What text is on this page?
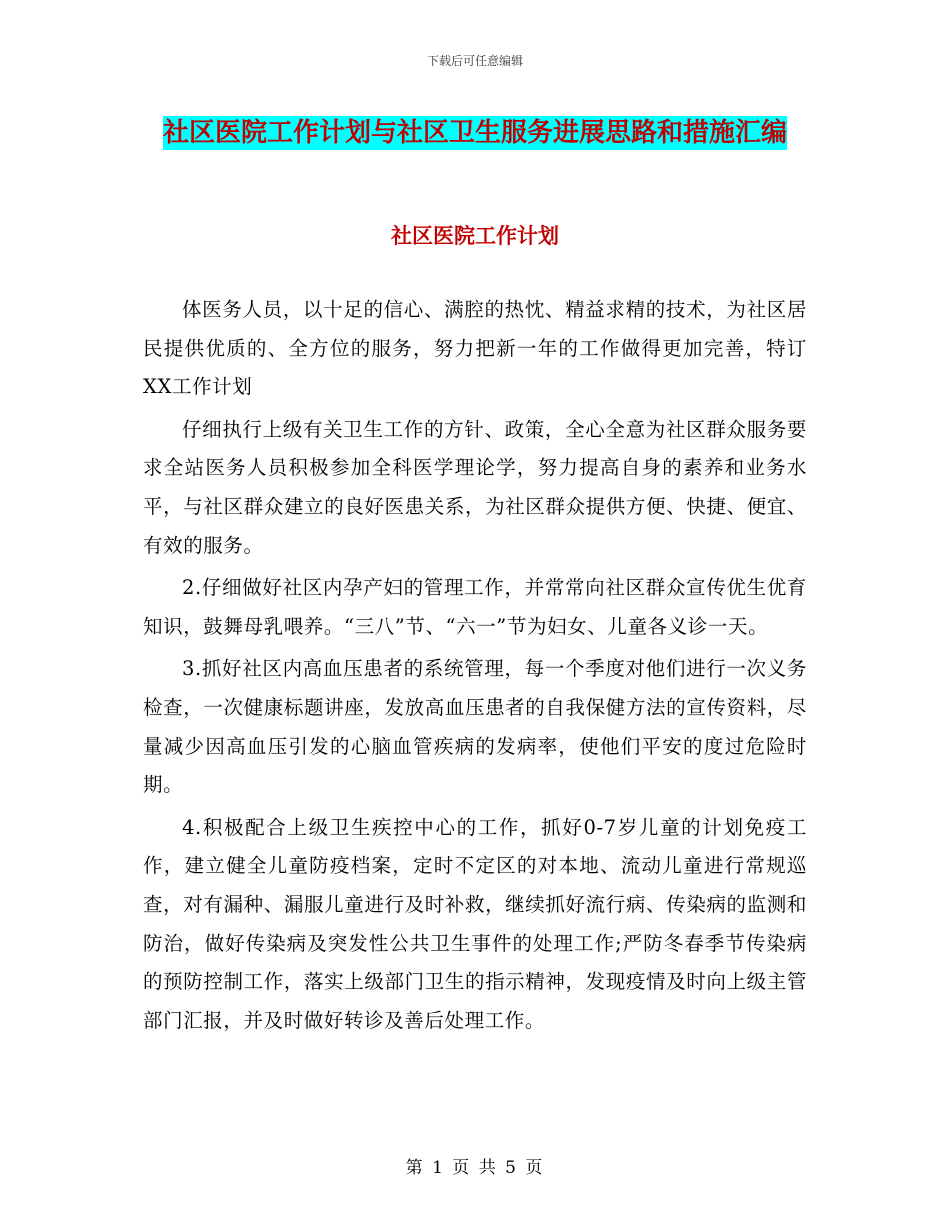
下载后可任意编辑
社区医院工作计划与社区卫生服务进展思路和措施汇编
社区医院工作计划

体医务人员，以十足的信心、满腔的热忱、精益求精的技术，为社区居民提供优质的、全方位的服务，努力把新一年的工作做得更加完善，特订XX工作计划

仔细执行上级有关卫生工作的方针、政策，全心全意为社区群众服务要求全站医务人员积极参加全科医学理论学，努力提高自身的素养和业务水平，与社区群众建立的良好医患关系，为社区群众提供方便、快捷、便宜、有效的服务。

2.仔细做好社区内孕产妇的管理工作，并常常向社区群众宣传优生优育知识，鼓舞母乳喂养。“三八”节、“六一”节为妇女、儿童各义诊一天。

3.抓好社区内高血压患者的系统管理，每一个季度对他们进行一次义务检查，一次健康标题讲座，发放高血压患者的自我保健方法的宣传资料，尽量减少因高血压引发的心脑血管疾病的发病率，使他们平安的度过危险时期。

4.积极配合上级卫生疾控中心的工作，抓好0-7岁儿童的计划免疫工作，建立健全儿童防疫档案，定时不定区的对本地、流动儿童进行常规巡查，对有漏种、漏服儿童进行及时补救，继续抓好流行病、传染病的监测和防治，做好传染病及突发性公共卫生事件的处理工作;严防冬春季节传染病的预防控制工作，落实上级部门卫生的指示精神，发现疫情及时向上级主管部门汇报，并及时做好转诊及善后处理工作。

第 1 页 共 5 页
